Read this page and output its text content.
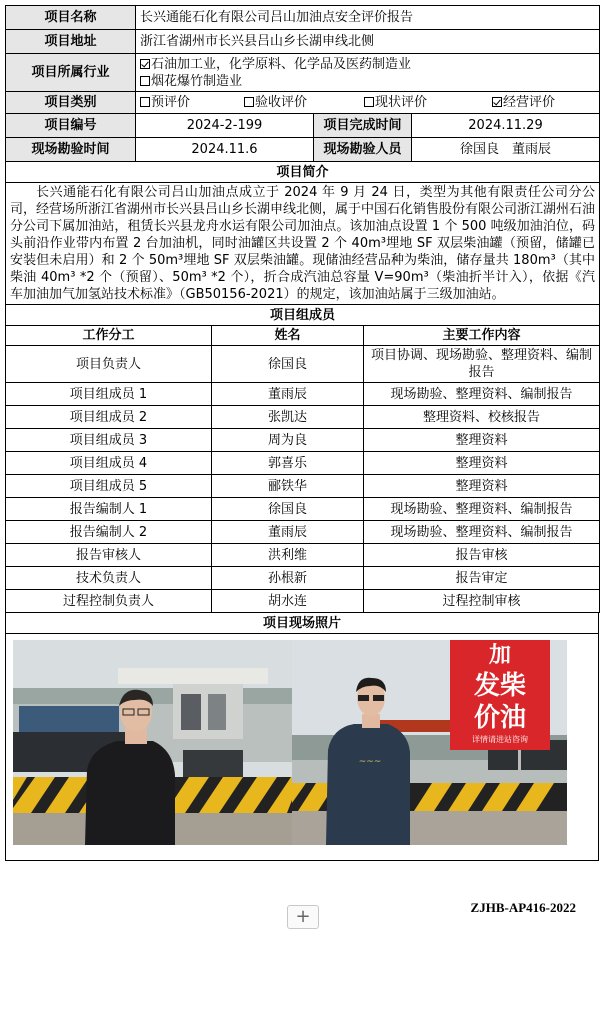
项目名称	长兴通能石化有限公司吕山加油点安全评价报告		
项目地址	浙江省湖州市长兴县吕山乡长湖申线北侧		
项目所属行业	石油加工业，化学原料、化学品及医药制造业
烟花爆竹制造业		

项目类别	预评价 验收评价 现状评价 经营评价		

项目编号	2024-2-199	项目完成时间	2024.11.29
现场勘验时间	2024.11.6	现场勘验人员	徐国良　董雨辰
项目简介			
长兴通能石化有限公司吕山加油点成立于 2024 年 9 月 24 日，类型为其他有限责任公司分公司，经营场所浙江省湖州市长兴县吕山乡长湖申线北侧，属于中国石化销售股份有限公司浙江湖州石油分公司下属加油站，租赁长兴县龙舟水运有限公司加油点。该加油点设置 1 个 500 吨级加油泊位，码头前沿作业带内布置 2 台加油机，同时油罐区共设置 2 个 40m³埋地 SF 双层柴油罐（预留，储罐已安装但未启用）和 2 个 50m³埋地 SF 双层柴油罐。现储油经营品种为柴油，储存量共 180m³（其中柴油 40m³ *2 个（预留）、50m³ *2 个），折合成汽油总容量 V=90m³（柴油折半计入），依据《汽车加油加气加氢站技术标准》（GB50156-2021）的规定，该加油站属于三级加油站。			
项目组成员			
工作分工	姓名	主要工作内容
项目负责人	徐国良	项目协调、现场勘验、整理资料、编制报告
项目组成员 1	董雨辰	现场勘验、整理资料、编制报告
项目组成员 2	张凯达	整理资料、校核报告
项目组成员 3	周为良	整理资料
项目组成员 4	郭喜乐	整理资料
项目组成员 5	郦铁华	整理资料
报告编制人 1	徐国良	现场勘验、整理资料、编制报告
报告编制人 2	董雨辰	现场勘验、整理资料、编制报告
报告审核人	洪利维	报告审核
技术负责人	孙根新	报告审定
过程控制负责人	胡水连	过程控制审核
项目现场照片

加
发柴
价油
详情请进站咨询
~~~
+	ZJHB-AP416-2022
